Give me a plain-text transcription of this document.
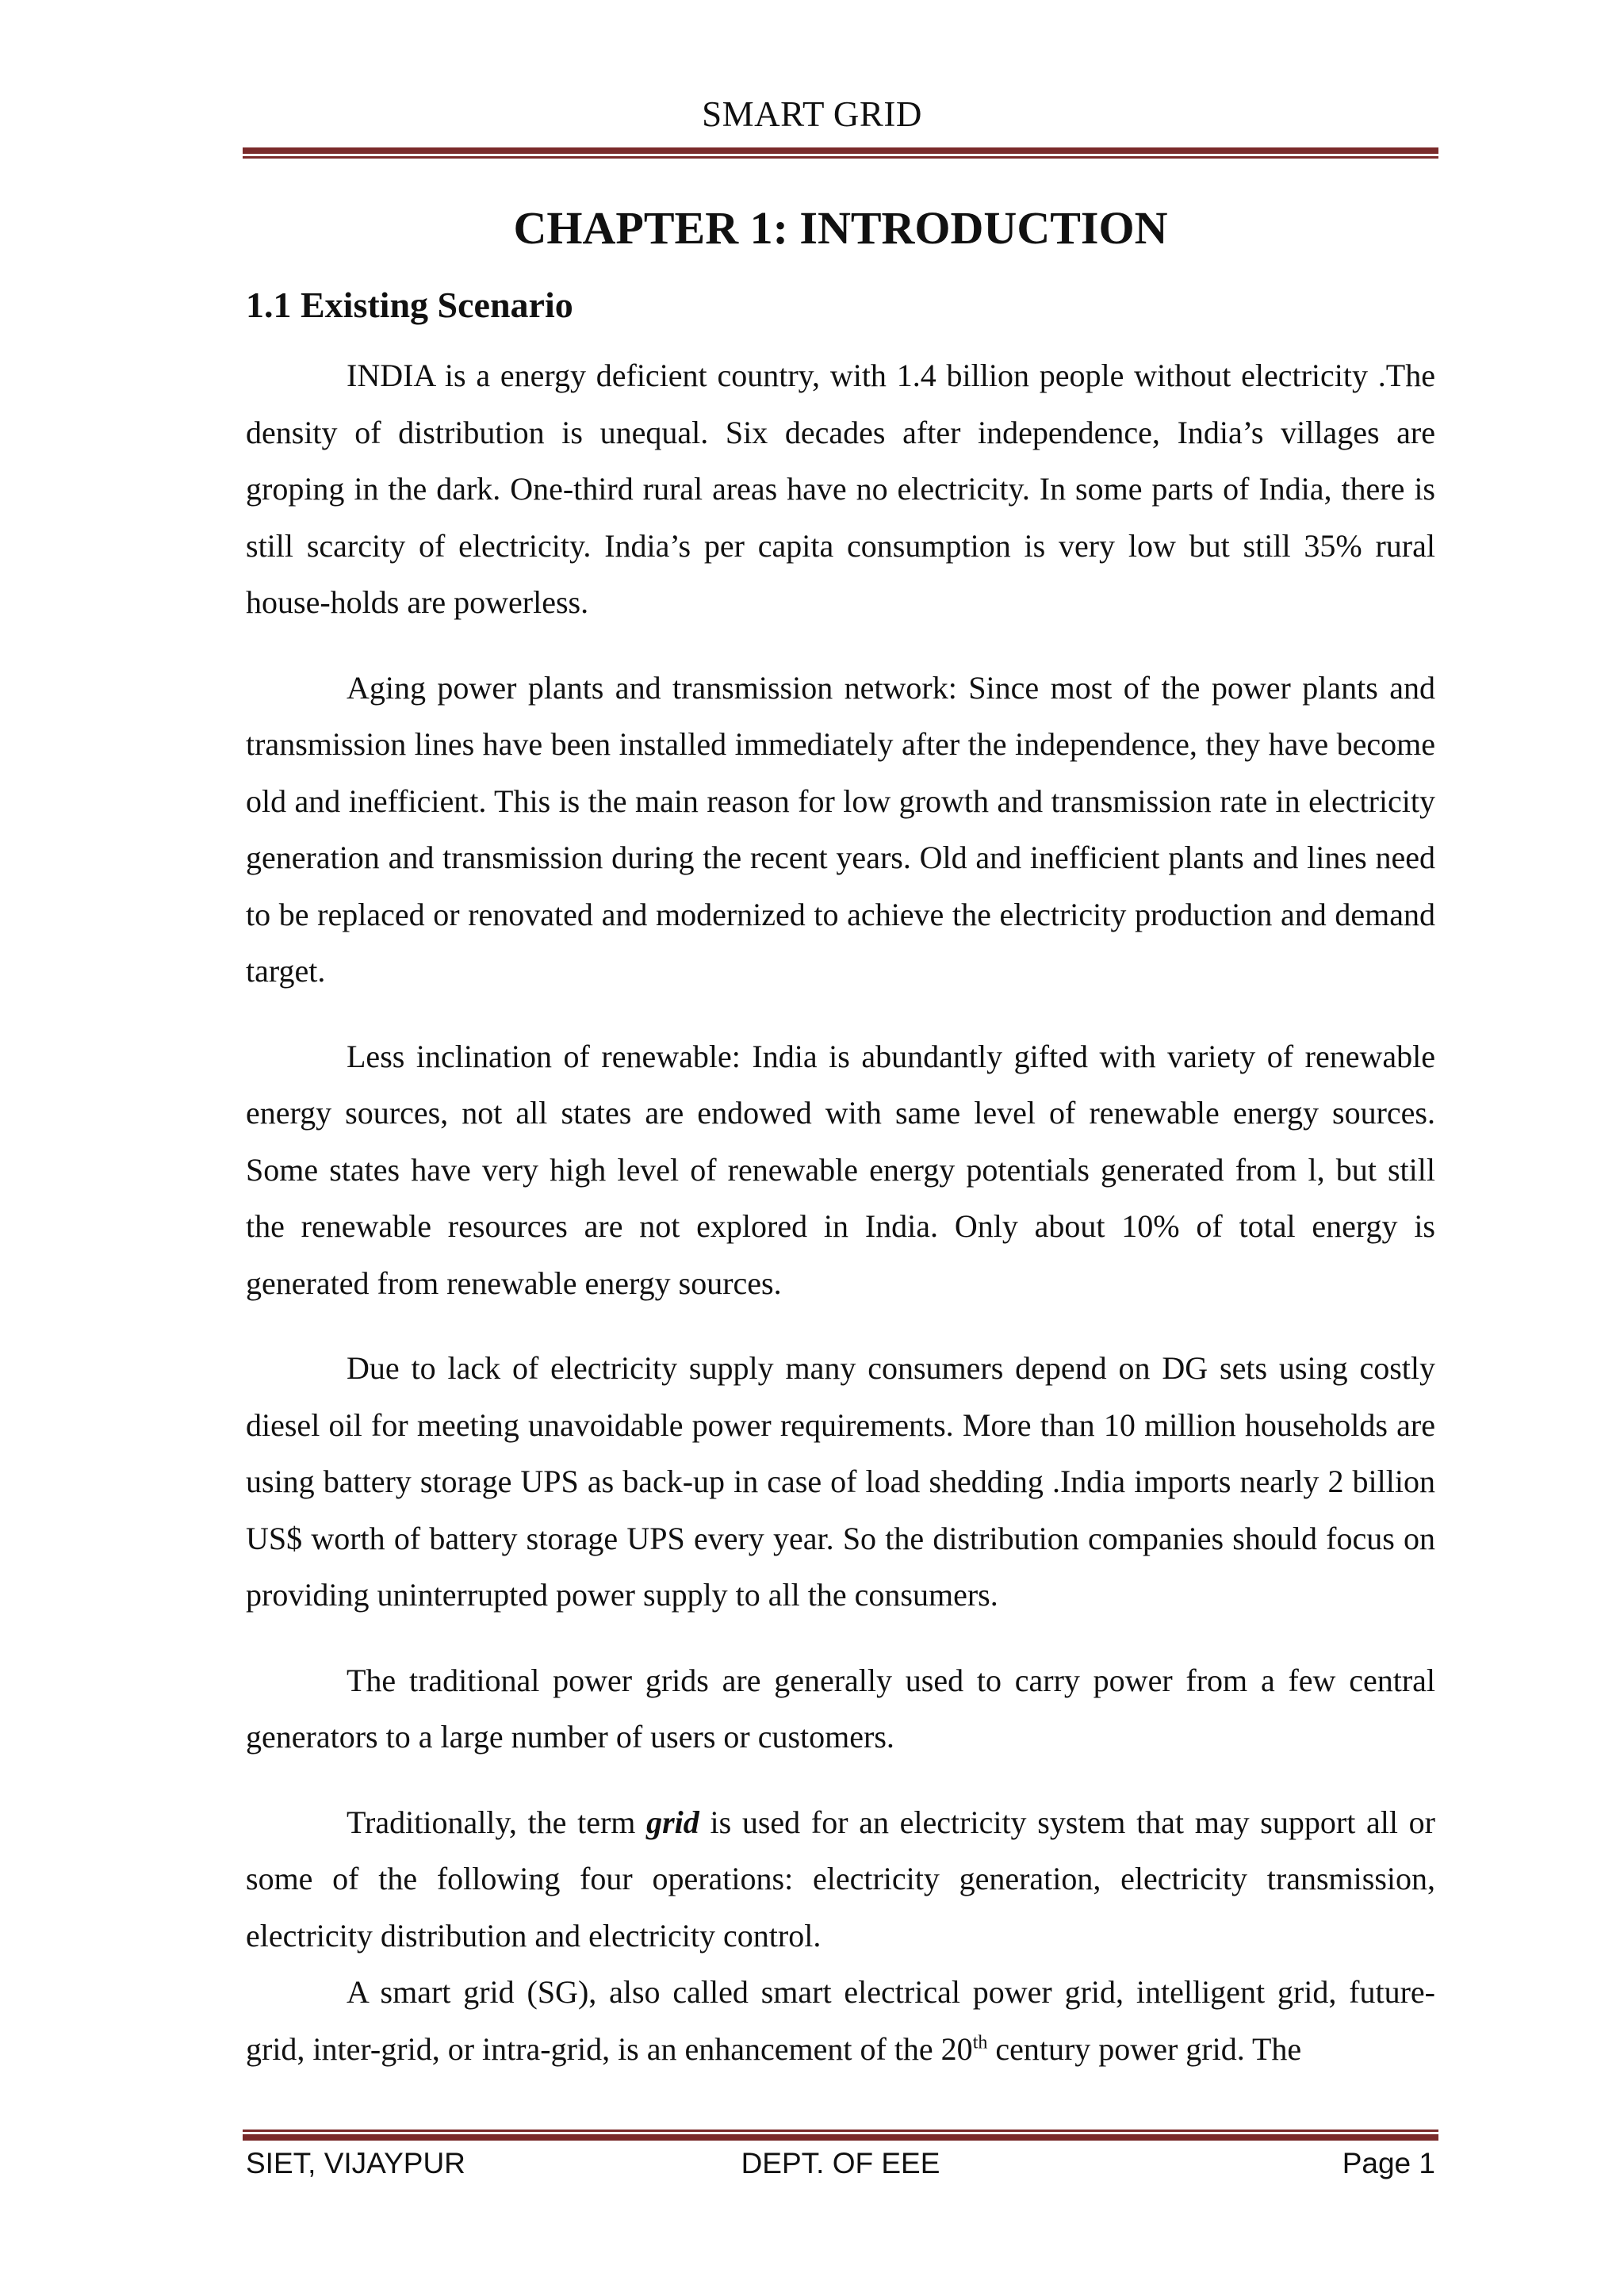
SMART GRID
CHAPTER 1: INTRODUCTION
1.1 Existing Scenario

INDIA is a energy deficient country, with 1.4 billion people without electricity .The density of distribution is unequal. Six decades after independence, India’s villages are groping in the dark. One-third rural areas have no electricity. In some parts of India, there is still scarcity of electricity. India’s per capita consumption is very low but still 35% rural house-holds are powerless.

Aging power plants and transmission network: Since most of the power plants and transmission lines have been installed immediately after the independence, they have become old and inefficient. This is the main reason for low growth and transmission rate in electricity generation and transmission during the recent years. Old and inefficient plants and lines need to be replaced or renovated and modernized to achieve the electricity production and demand target.

Less inclination of renewable: India is abundantly gifted with variety of renewable energy sources, not all states are endowed with same level of renewable energy sources. Some states have very high level of renewable energy potentials generated from l, but still the renewable resources are not explored in India. Only about 10% of total energy is generated from renewable energy sources.

Due to lack of electricity supply many consumers depend on DG sets using costly diesel oil for meeting unavoidable power requirements. More than 10 million households are using battery storage UPS as back-up in case of load shedding .India imports nearly 2 billion US$ worth of battery storage UPS every year. So the distribution companies should focus on providing uninterrupted power supply to all the consumers.

The traditional power grids are generally used to carry power from a few central generators to a large number of users or customers.

Traditionally, the term grid is used for an electricity system that may support all or some of the following four operations: electricity generation, electricity transmission, electricity distribution and electricity control.

A smart grid (SG), also called smart electrical power grid, intelligent grid, future-grid, inter-grid, or intra-grid, is an enhancement of the 20th century power grid. The

SIET, VIJAYPUR	DEPT. OF EEE	Page 1
